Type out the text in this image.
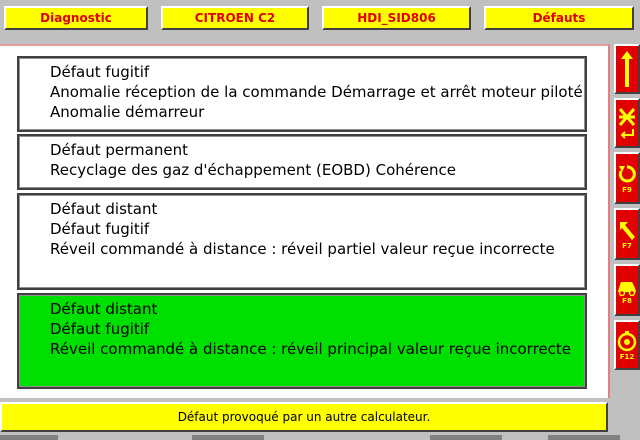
Diagnostic	CITROEN C2	HDI_SID806	Défauts
Défaut fugitif
Anomalie réception de la commande Démarrage et arrêt moteur piloté Anomalie démarreur
Défaut permanent
Recyclage des gaz d'échappement (EOBD) Cohérence
Défaut distant
Défaut fugitif
Réveil commandé à distance : réveil partiel valeur reçue incorrecte
Défaut distant
Défaut fugitif
Réveil commandé à distance : réveil principal valeur reçue incorrecte
F9
F7
F8
F12
Défaut provoqué par un autre calculateur.
